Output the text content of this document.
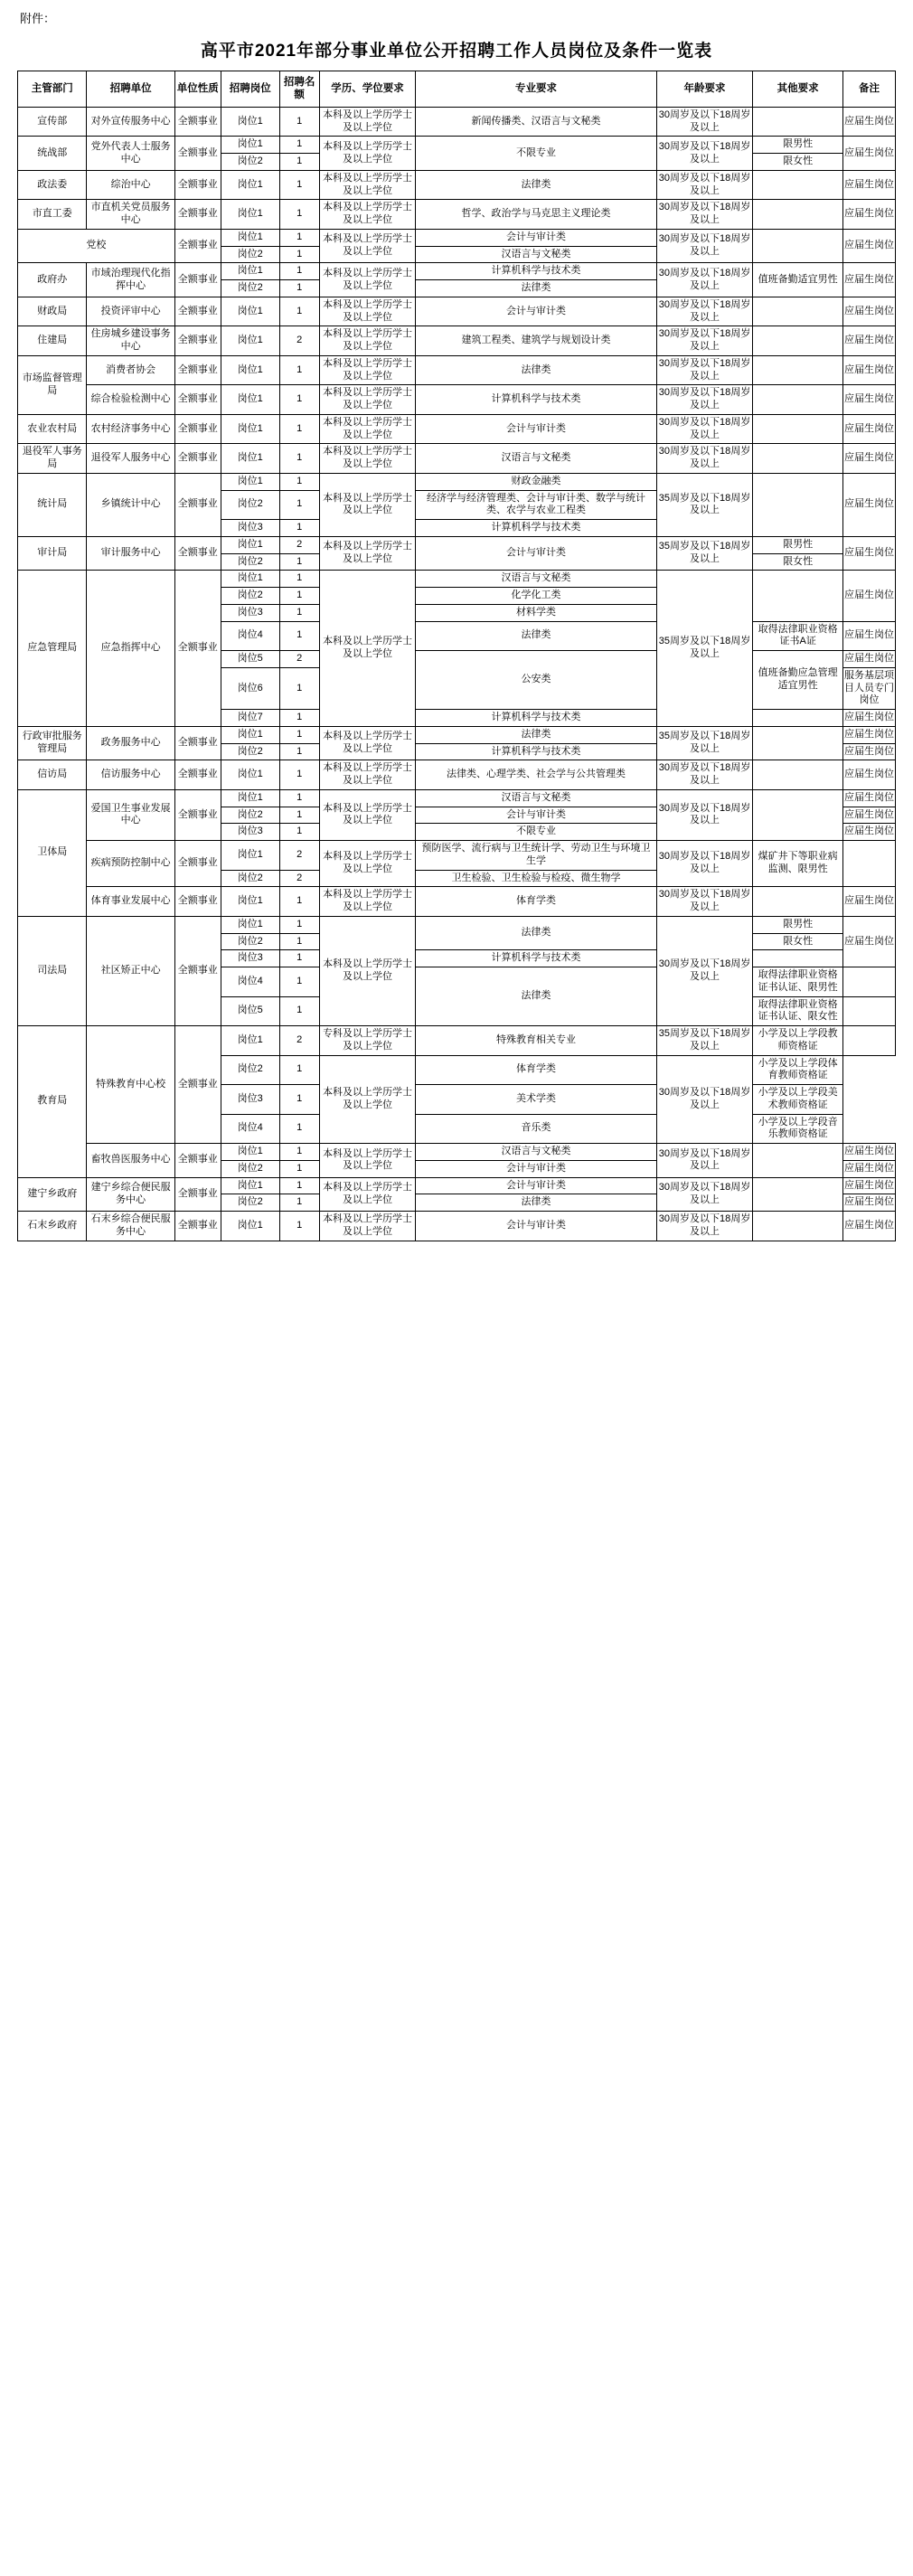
附件：
高平市2021年部分事业单位公开招聘工作人员岗位及条件一览表
主管部门	招聘单位	单位性质	招聘岗位	招聘名额	学历、学位要求	专业要求	年龄要求	其他要求	备注
宣传部	对外宣传服务中心	全额事业	岗位1	1	本科及以上学历学士及以上学位	新闻传播类、汉语言与文秘类	30周岁及以下18周岁及以上		应届生岗位
统战部	党外代表人士服务中心	全额事业	岗位1	1	本科及以上学历学士及以上学位	不限专业	30周岁及以下18周岁及以上	限男性	应届生岗位
			岗位2	1				限女性	
政法委	综治中心	全额事业	岗位1	1	本科及以上学历学士及以上学位	法律类	30周岁及以下18周岁及以上		应届生岗位
市直工委	市直机关党员服务中心	全额事业	岗位1	1	本科及以上学历学士及以上学位	哲学、政治学与马克思主义理论类	30周岁及以下18周岁及以上		应届生岗位
党校		全额事业	岗位1	1	本科及以上学历学士及以上学位	会计与审计类	30周岁及以下18周岁及以上		应届生岗位
			岗位2	1		汉语言与文秘类			
政府办	市域治理现代化指挥中心	全额事业	岗位1	1	本科及以上学历学士及以上学位	计算机科学与技术类	30周岁及以下18周岁及以上	值班备勤适宜男性	应届生岗位
			岗位2	1		法律类			
财政局	投资评审中心	全额事业	岗位1	1	本科及以上学历学士及以上学位	会计与审计类	30周岁及以下18周岁及以上		应届生岗位
住建局	住房城乡建设事务中心	全额事业	岗位1	2	本科及以上学历学士及以上学位	建筑工程类、建筑学与规划设计类	30周岁及以下18周岁及以上		应届生岗位
市场监督管理局	消费者协会	全额事业	岗位1	1	本科及以上学历学士及以上学位	法律类	30周岁及以下18周岁及以上		应届生岗位
	综合检验检测中心	全额事业	岗位1	1	本科及以上学历学士及以上学位	计算机科学与技术类	30周岁及以下18周岁及以上		应届生岗位
农业农村局	农村经济事务中心	全额事业	岗位1	1	本科及以上学历学士及以上学位	会计与审计类	30周岁及以下18周岁及以上		应届生岗位
退役军人事务局	退役军人服务中心	全额事业	岗位1	1	本科及以上学历学士及以上学位	汉语言与文秘类	30周岁及以下18周岁及以上		应届生岗位
统计局	乡镇统计中心	全额事业	岗位1	1	本科及以上学历学士及以上学位	财政金融类	35周岁及以下18周岁及以上		应届生岗位
			岗位2	1		经济学与经济管理类、会计与审计类、数学与统计类、农学与农业工程类			
			岗位3	1		计算机科学与技术类			
审计局	审计服务中心	全额事业	岗位1	2	本科及以上学历学士及以上学位	会计与审计类	35周岁及以下18周岁及以上	限男性	应届生岗位
			岗位2	1				限女性	
应急管理局	应急指挥中心	全额事业	岗位1	1	本科及以上学历学士及以上学位	汉语言与文秘类	35周岁及以下18周岁及以上		应届生岗位
			岗位2	1		化学化工类			
			岗位3	1		材料学类			
			岗位4	1		法律类		取得法律职业资格证书A证	应届生岗位
			岗位5	2		公安类		值班备勤应急管理适宜男性	应届生岗位
			岗位6	1					服务基层项目人员专门岗位
			岗位7	1		计算机科学与技术类			应届生岗位
行政审批服务管理局	政务服务中心	全额事业	岗位1	1	本科及以上学历学士及以上学位	法律类	35周岁及以下18周岁及以上		应届生岗位
			岗位2	1		计算机科学与技术类			应届生岗位
信访局	信访服务中心	全额事业	岗位1	1	本科及以上学历学士及以上学位	法律类、心理学类、社会学与公共管理类	30周岁及以下18周岁及以上		应届生岗位
卫体局	爱国卫生事业发展中心	全额事业	岗位1	1	本科及以上学历学士及以上学位	汉语言与文秘类	30周岁及以下18周岁及以上		应届生岗位
			岗位2	1		会计与审计类			应届生岗位
			岗位3	1		不限专业			应届生岗位
	疾病预防控制中心	全额事业	岗位1	2	本科及以上学历学士及以上学位	预防医学、流行病与卫生统计学、劳动卫生与环境卫生学	30周岁及以下18周岁及以上	煤矿井下等职业病监测、限男性	
			岗位2	2		卫生检验、卫生检验与检疫、微生物学			
	体育事业发展中心	全额事业	岗位1	1	本科及以上学历学士及以上学位	体育学类	30周岁及以下18周岁及以上		应届生岗位
司法局	社区矫正中心	全额事业	岗位1	1	本科及以上学历学士及以上学位	法律类	30周岁及以下18周岁及以上	限男性	应届生岗位
			岗位2	1				限女性	
			岗位3	1		计算机科学与技术类			
			岗位4	1		法律类		取得法律职业资格证书认证、限男性	
			岗位5	1				取得法律职业资格证书认证、限女性	
教育局	特殊教育中心校	全额事业	岗位1	2	专科及以上学历学士及以上学位	特殊教育相关专业	35周岁及以下18周岁及以上	小学及以上学段教师资格证	
			岗位2	1	本科及以上学历学士及以上学位	体育学类	30周岁及以下18周岁及以上	小学及以上学段体育教师资格证	
			岗位3	1		美术学类		小学及以上学段美术教师资格证	
			岗位4	1		音乐类		小学及以上学段音乐教师资格证	
	畜牧兽医服务中心	全额事业	岗位1	1	本科及以上学历学士及以上学位	汉语言与文秘类	30周岁及以下18周岁及以上		应届生岗位
			岗位2	1		会计与审计类			应届生岗位
建宁乡政府	建宁乡综合便民服务中心	全额事业	岗位1	1	本科及以上学历学士及以上学位	会计与审计类	30周岁及以下18周岁及以上		应届生岗位
			岗位2	1		法律类			应届生岗位
石末乡政府	石末乡综合便民服务中心	全额事业	岗位1	1	本科及以上学历学士及以上学位	会计与审计类	30周岁及以下18周岁及以上		应届生岗位
